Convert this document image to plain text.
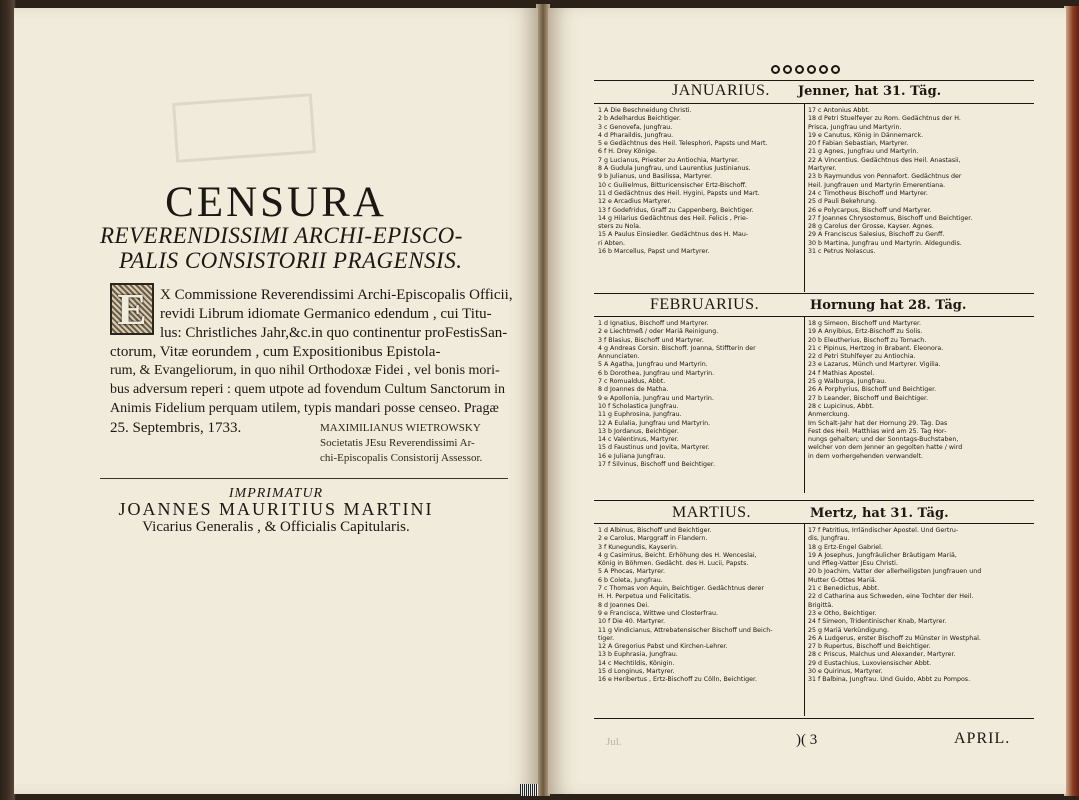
CENSURA
REVERENDISSIMI ARCHI-EPISCO-
PALIS CONSISTORII PRAGENSIS.
E X Commissione Reverendissimi Archi-Episcopalis Officii,
revidi Librum idiomate Germanico edendum , cui Titu-
lus: Christliches Jahr,&c.in quo continentur proFestisSan-
ctorum, Vitæ eorundem , cum Expositionibus Epistola-
rum, & Evangeliorum, in quo nihil Orthodoxæ Fidei , vel bonis mori-
bus adversum reperi : quem utpote ad fovendum Cultum Sanctorum in
Animis Fidelium perquam utilem, typis mandari posse censeo. Pragæ
25. Septembris, 1733.	MAXIMILIANUS WIETROWSKY
Societatis JEsu Reverendissimi Ar-
chi-Episcopalis Consistorij Assessor.
IMPRIMATUR
JOANNES MAURITIUS MARTINI
Vicarius Generalis , & Officialis Capitularis.
JANUARIUS. Jenner, hat 31. Täg.
1 A Die Beschneidung Christi.
2 b Adelhardus Beichtiger.
3 c Genovefa, Jungfrau.
4 d Pharaildis, Jungfrau.
5 e Gedächtnus des Heil. Telesphori, Papsts und Mart.
6 f H. Drey Könige.
7 g Lucianus, Priester zu Antiochia, Martyrer.
8 A Gudula Jungfrau, und Laurentius Justinianus.
9 b Julianus, und Basilissa, Martyrer.
10 c Guilielmus, Bitturicensischer Ertz-Bischoff.
11 d Gedächtnus des Heil. Hygini, Papsts und Mart.
12 e Arcadius Martyrer.
13 f Godefridus, Graff zu Cappenberg, Beichtiger.
14 g Hilarius Gedächtnus des Heil. Felicis , Prie-
sters zu Nola.
15 A Paulus Einsiedler. Gedächtnus des H. Mau-
ri Abten.
16 b Marcellus, Papst und Martyrer.
17 c Antonius Abbt.
18 d Petri Stuelfeyer zu Rom. Gedächtnus der H.
Prisca, Jungfrau und Martyrin.
19 e Canutus, König in Dännemarck.
20 f Fabian Sebastian, Martyrer.
21 g Agnes, Jungfrau und Martyrin.
22 A Vincentius. Gedächtnus des Heil. Anastasii,
Martyrer.
23 b Raymundus von Pennafort. Gedächtnus der
Heil. Jungfrauen und Martyrin Emerentiana.
24 c Timotheus Bischoff und Martyrer.
25 d Pauli Bekehrung.
26 e Polycarpus, Bischoff und Martyrer.
27 f Joannes Chrysostomus, Bischoff und Beichtiger.
28 g Carolus der Grosse, Kayser. Agnes.
29 A Franciscus Salesius, Bischoff zu Genff.
30 b Martina, Jungfrau und Martyrin. Aldegundis.
31 c Petrus Nolascus.
FEBRUARIUS.	Hornung hat 28. Täg.
1 d Ignatius, Bischoff und Martyrer.
2 e Liechtmeß / oder Mariä Reinigung.
3 f Blasius, Bischoff und Martyrer.
4 g Andreas Corsin. Bischoff. Joanna, Stiffterin der
Annunciaten.
5 A Agatha, Jungfrau und Martyrin.
6 b Dorothea, Jungfrau und Martyrin.
7 c Romualdus, Abbt.
8 d Joannes de Matha.
9 e Apollonia, Jungfrau und Martyrin.
10 f Scholastica Jungfrau.
11 g Euphrosina, Jungfrau.
12 A Eulalia, Jungfrau und Martyrin.
13 b Jordanus, Beichtiger.
14 c Valentinus, Martyrer.
15 d Faustinus und Jovita, Martyrer.
16 e Juliana Jungfrau.
17 f Silvinus, Bischoff und Beichtiger.
18 g Simeon, Bischoff und Martyrer.
19 A Anyibius, Ertz-Bischoff zu Solis.
20 b Eleutherius, Bischoff zu Tornach.
21 c Pipinus, Hertzog in Brabant. Eleonora.
22 d Petri Stuhlfeyer zu Antiochia.
23 e Lazarus, Münch und Martyrer. Vigilia.
24 f Mathias Apostel.
25 g Walburga, Jungfrau.
26 A Porphyrius, Bischoff und Beichtiger.
27 b Leander, Bischoff und Beichtiger.
28 c Lupicinus, Abbt.
Anmerckung.
Im Schalt-Jahr hat der Hornung 29. Täg. Das
Fest des Heil. Matthias wird am 25. Tag Hor-
nungs gehalten; und der Sonntags-Buchstaben,
welcher von dem Jenner an gegolten hatte / wird
in dem vorhergehenden verwandelt.
MARTIUS.	Mertz, hat 31. Täg.
1 d Albinus, Bischoff und Beichtiger.
2 e Carolus, Marggraff in Flandern.
3 f Kunegundis, Kayserin.
4 g Casimirus, Beicht. Erhöhung des H. Wenceslai,
König in Böhmen. Gedächt. des H. Lucii, Papsts.
5 A Phocas, Martyrer.
6 b Coleta, Jungfrau.
7 c Thomas von Aquin, Beichtiger. Gedächtnus derer
H. H. Perpetua und Felicitatis.
8 d Joannes Dei.
9 e Francisca, Wittwe und Closterfrau.
10 f Die 40. Martyrer.
11 g Vindicianus, Attrebatensischer Bischoff und Beich-
tiger.
12 A Gregorius Pabst und Kirchen-Lehrer.
13 b Euphrasia, Jungfrau.
14 c Mechtildis, Königin.
15 d Longinus, Martyrer.
16 e Heribertus , Ertz-Bischoff zu Cölln, Beichtiger.
17 f Patritius, Irrländischer Apostel. Und Gertru-
dis, Jungfrau.
18 g Ertz-Engel Gabriel.
19 A Josephus, Jungfräulicher Bräutigam Mariä,
und Pfleg-Vatter JEsu Christi.
20 b Joachim, Vatter der allerheiligsten Jungfrauen und
Mutter G-Ottes Mariä.
21 c Benedictus, Abbt.
22 d Catharina aus Schweden, eine Tochter der Heil.
Brigittä.
23 e Otho, Beichtiger.
24 f Simeon, Tridentinischer Knab, Martyrer.
25 g Mariä Verkündigung.
26 A Ludgerus, erster Bischoff zu Münster in Westphal.
27 b Rupertus, Bischoff und Beichtiger.
28 c Priscus, Malchus und Alexander, Martyrer.
29 d Eustachius, Luxoviensischer Abbt.
30 e Quirinus, Martyrer.
31 f Balbina, Jungfrau. Und Guido, Abbt zu Pompos.
Jul.	)( 3	APRIL.
